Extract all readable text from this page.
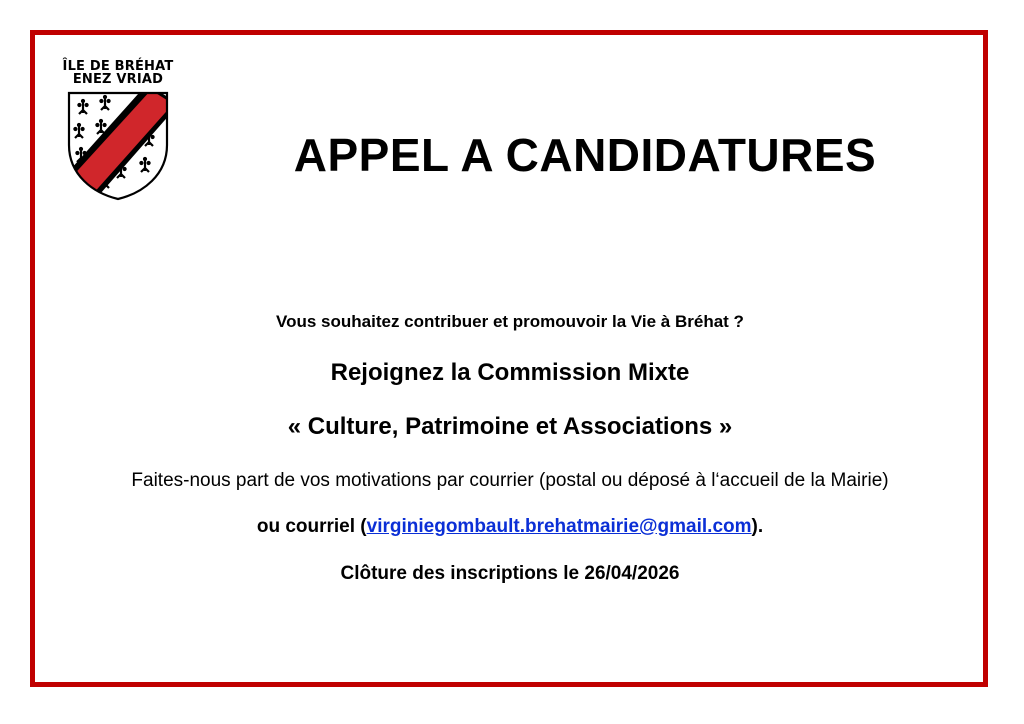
ÎLE DE BRÉHAT
ENEZ VRIAD
APPEL A CANDIDATURES
Vous souhaitez contribuer et promouvoir la Vie à Bréhat ?
Rejoignez la Commission Mixte
« Culture, Patrimoine et Associations »
Faites-nous part de vos motivations par courrier (postal ou déposé à l‘accueil de la Mairie)
ou courriel (virginiegombault.brehatmairie@gmail.com).
Clôture des inscriptions le 26/04/2026
